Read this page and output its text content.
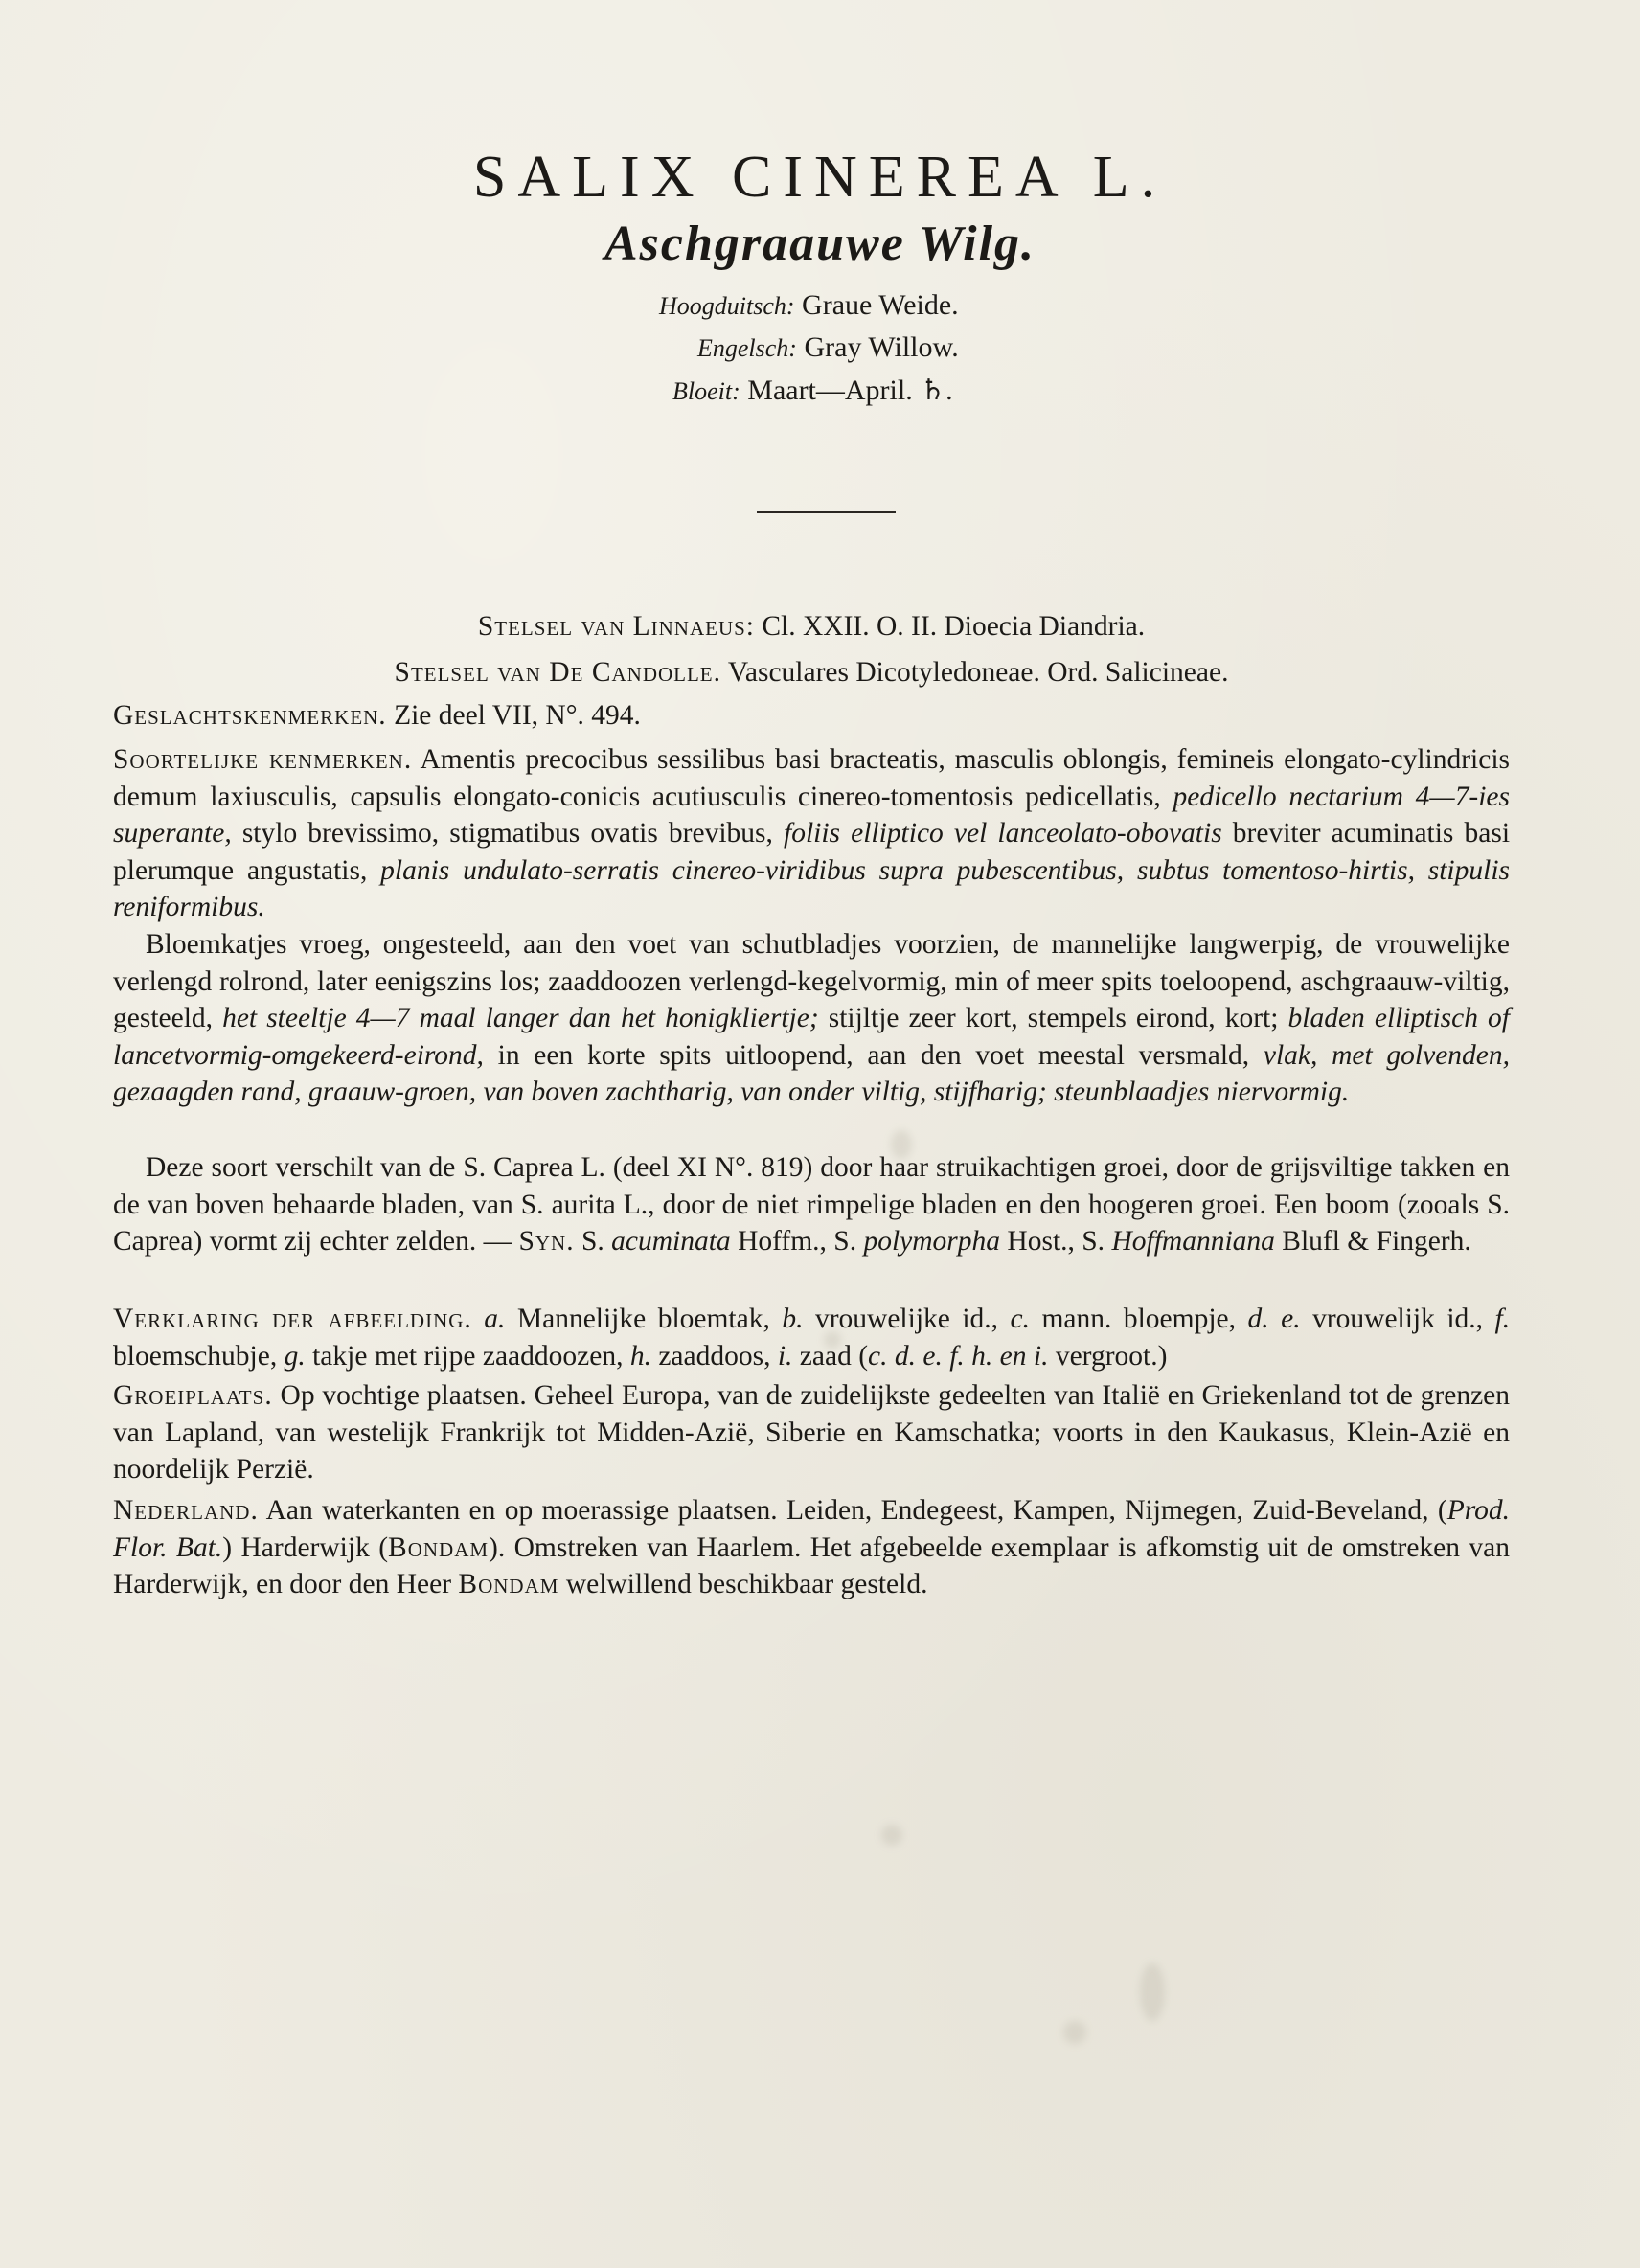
SALIX CINEREA L.
Aschgraauwe Wilg.
Hoogduitsch: Graue Weide.
Engelsch: Gray Willow.
Bloeit: Maart—April. ♄.
Stelsel van Linnaeus: Cl. XXII. O. II. Dioecia Diandria.
Stelsel van De Candolle. Vasculares Dicotyledoneae. Ord. Salicineae.
Geslachtskenmerken. Zie deel VII, N°. 494.

Soortelijke kenmerken. Amentis precocibus sessilibus basi bracteatis, masculis oblongis, femineis elongato-cylindricis demum laxiusculis, capsulis elongato-conicis acutiusculis cinereo-tomentosis pedicellatis, pedicello nectarium 4—7-ies superante, stylo brevissimo, stigmatibus ovatis brevibus, foliis elliptico vel lanceolato-obovatis breviter acuminatis basi plerumque angustatis, planis undulato-serratis cinereo-viridibus supra pubescentibus, subtus tomentoso-hirtis, stipulis reniformibus.

Bloemkatjes vroeg, ongesteeld, aan den voet van schutbladjes voorzien, de mannelijke langwerpig, de vrouwelijke verlengd rolrond, later eenigszins los; zaaddoozen verlengd-kegelvormig, min of meer spits toeloopend, aschgraauw-viltig, gesteeld, het steeltje 4—7 maal langer dan het honigkliertje; stijltje zeer kort, stempels eirond, kort; bladen elliptisch of lancetvormig-omgekeerd-eirond, in een korte spits uitloopend, aan den voet meestal versmald, vlak, met golvenden, gezaagden rand, graauw-groen, van boven zachtharig, van onder viltig, stijfharig; steunblaadjes niervormig.

Deze soort verschilt van de S. Caprea L. (deel XI N°. 819) door haar struikachtigen groei, door de grijsviltige takken en de van boven behaarde bladen, van S. aurita L., door de niet rimpelige bladen en den hoogeren groei. Een boom (zooals S. Caprea) vormt zij echter zelden. — Syn. S. acuminata Hoffm., S. polymorpha Host., S. Hoffmanniana Blufl & Fingerh.

Verklaring der afbeelding. a. Mannelijke bloemtak, b. vrouwelijke id., c. mann. bloempje, d. e. vrouwelijk id., f. bloemschubje, g. takje met rijpe zaaddoozen, h. zaaddoos, i. zaad (c. d. e. f. h. en i. vergroot.)

Groeiplaats. Op vochtige plaatsen. Geheel Europa, van de zuidelijkste gedeelten van Italië en Griekenland tot de grenzen van Lapland, van westelijk Frankrijk tot Midden-Azië, Siberie en Kamschatka; voorts in den Kaukasus, Klein-Azië en noordelijk Perzië.

Nederland. Aan waterkanten en op moerassige plaatsen. Leiden, Endegeest, Kampen, Nijmegen, Zuid-Beveland, (Prod. Flor. Bat.) Harderwijk (Bondam). Omstreken van Haarlem. Het afgebeelde exemplaar is afkomstig uit de omstreken van Harderwijk, en door den Heer Bondam welwillend beschikbaar gesteld.
